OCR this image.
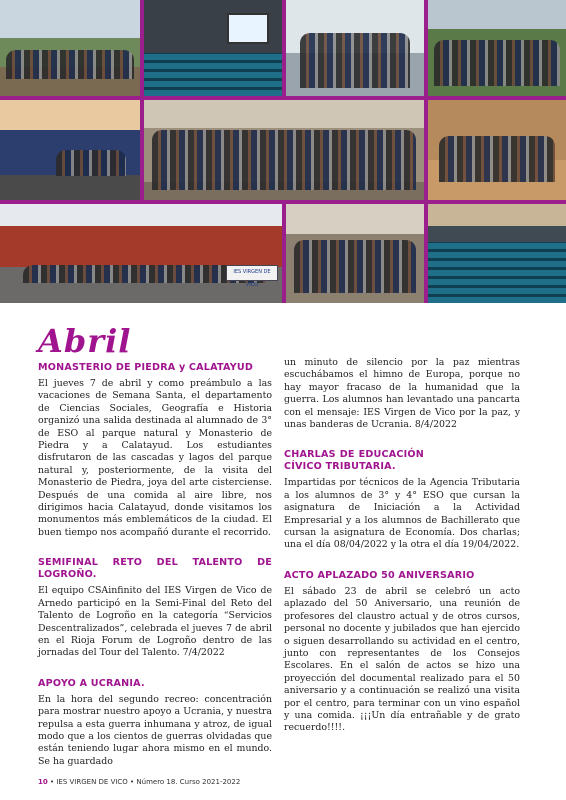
IES VIRGEN DE VICO
Abril
MONASTERIO DE PIEDRA y CALATAYUD

El jueves 7 de abril y como preámbulo a las vacaciones de Semana Santa, el departamento de Ciencias Sociales, Geografía e Historia organizó una salida destinada al alumnado de 3° de ESO al parque natural y Monasterio de Piedra y a Calatayud. Los estudiantes disfrutaron de las cascadas y lagos del parque natural y, posteriormente, de la visita del Monasterio de Piedra, joya del arte cisterciense. Después de una comida al aire libre, nos dirigimos hacia Calatayud, donde visitamos los monumentos más emblemáticos de la ciudad. El buen tiempo nos acompañó durante el recorrido.

SEMIFINAL RETO DEL TALENTO DE LOGROÑO.

El equipo CSAinfinito del IES Virgen de Vico de Arnedo participó en la Semi-Final del Reto del Talento de Logroño en la categoría “Servicios Descentralizados”, celebrada el jueves 7 de abril en el Rioja Forum de Logroño dentro de las jornadas del Tour del Talento. 7/4/2022

APOYO A UCRANIA.

En la hora del segundo recreo: concentración para mostrar nuestro apoyo a Ucrania, y nuestra repulsa a esta guerra inhumana y atroz, de igual modo que a los cientos de guerras olvidadas que están teniendo lugar ahora mismo en el mundo. Se ha guardado

un minuto de silencio por la paz mientras escuchábamos el himno de Europa, porque no hay mayor fracaso de la humanidad que la guerra. Los alumnos han levantado una pancarta con el mensaje: IES Virgen de Vico por la paz, y unas banderas de Ucrania. 8/4/2022

CHARLAS DE EDUCACIÓN CÍVICO TRIBUTARIA.

Impartidas por técnicos de la Agencia Tributaria a los alumnos de 3° y 4° ESO que cursan la asignatura de Iniciación a la Actividad Empresarial y a los alumnos de Bachillerato que cursan la asignatura de Economía. Dos charlas; una el día 08/04/2022 y la otra el día 19/04/2022.

ACTO APLAZADO 50 ANIVERSARIO

El sábado 23 de abril se celebró un acto aplazado del 50 Aniversario, una reunión de profesores del claustro actual y de otros cursos, personal no docente y jubilados que han ejercido o siguen desarrollando su actividad en el centro, junto con representantes de los Consejos Escolares. En el salón de actos se hizo una proyección del documental realizado para el 50 aniversario y a continuación se realizó una visita por el centro, para terminar con un vino español y una comida. ¡¡¡Un día entrañable y de grato recuerdo!!!!.

10 • IES VIRGEN DE VICO • Número 18. Curso 2021-2022
